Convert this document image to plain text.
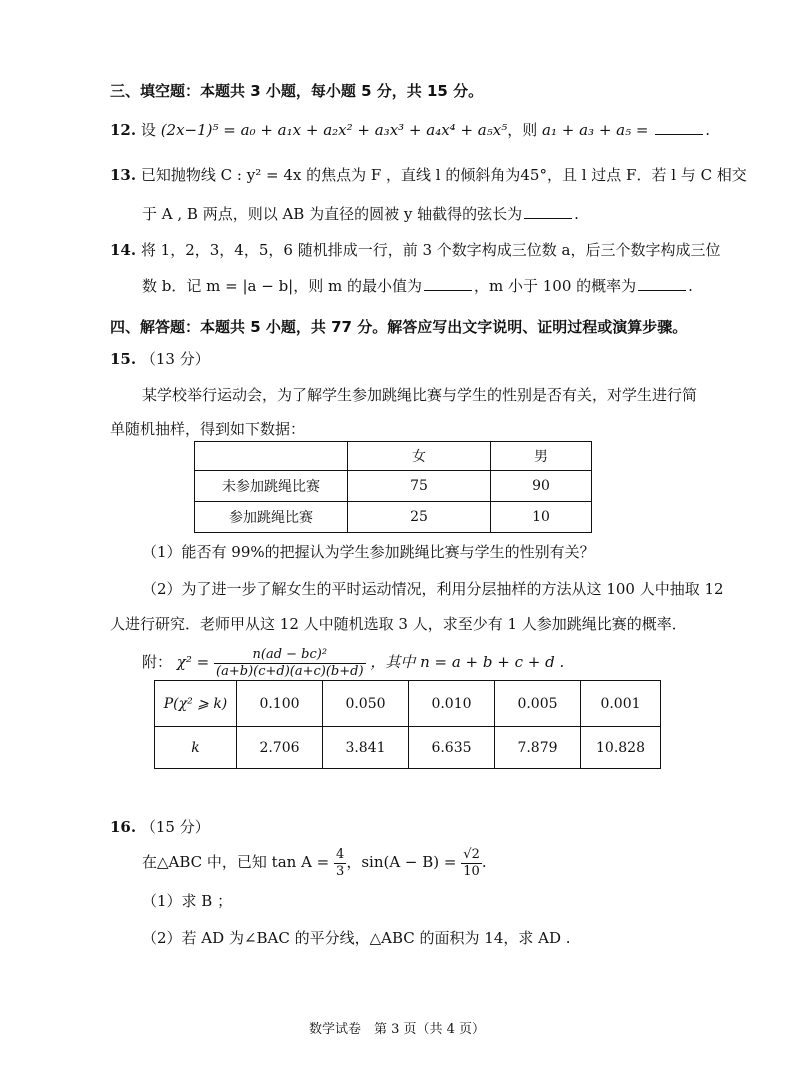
三、填空题：本题共 3 小题，每小题 5 分，共 15 分。
12. 设 (2x−1)⁵ = a₀ + a₁x + a₂x² + a₃x³ + a₄x⁴ + a₅x⁵，则 a₁ + a₃ + a₅ =	.
13. 已知抛物线 C : y² = 4x 的焦点为 F ，直线 l 的倾斜角为45°，且 l 过点 F．若 l 与 C 相交
于 A , B 两点，则以 AB 为直径的圆被 y 轴截得的弦长为	.
14. 将 1，2，3，4，5，6 随机排成一行，前 3 个数字构成三位数 a，后三个数字构成三位
数 b．记 m = |a − b|，则 m 的最小值为	，m 小于 100 的概率为	.
四、解答题：本题共 5 小题，共 77 分。解答应写出文字说明、证明过程或演算步骤。
15. （13 分）
某学校举行运动会，为了解学生参加跳绳比赛与学生的性别是否有关，对学生进行简
单随机抽样，得到如下数据：
	女	男
未参加跳绳比赛	75	90
参加跳绳比赛	25	10
（1）能否有 99%的把握认为学生参加跳绳比赛与学生的性别有关？
（2）为了进一步了解女生的平时运动情况，利用分层抽样的方法从这 100 人中抽取 12
人进行研究．老师甲从这 12 人中随机选取 3 人，求至少有 1 人参加跳绳比赛的概率．
附： $\chi^2 = \frac{\text{n(ad − bc)²}}{(a+b)(c+d)(a+c)(b+d)}$ ，其中 n = a + b + c + d .
P(χ² ⩾ k)	0.100	0.050	0.010	0.005	0.001
k	2.706	3.841	6.635	7.879	10.828
16. （15 分）
在△ABC 中，已知 $\tan A = \frac{4}{3}$ ，$\sin(A - B) = \frac{√2}{10}$ .
（1）求 B ；
（2）若 AD 为∠BAC 的平分线，△ABC 的面积为 14，求 AD .
数学试卷　第 3 页（共 4 页）
